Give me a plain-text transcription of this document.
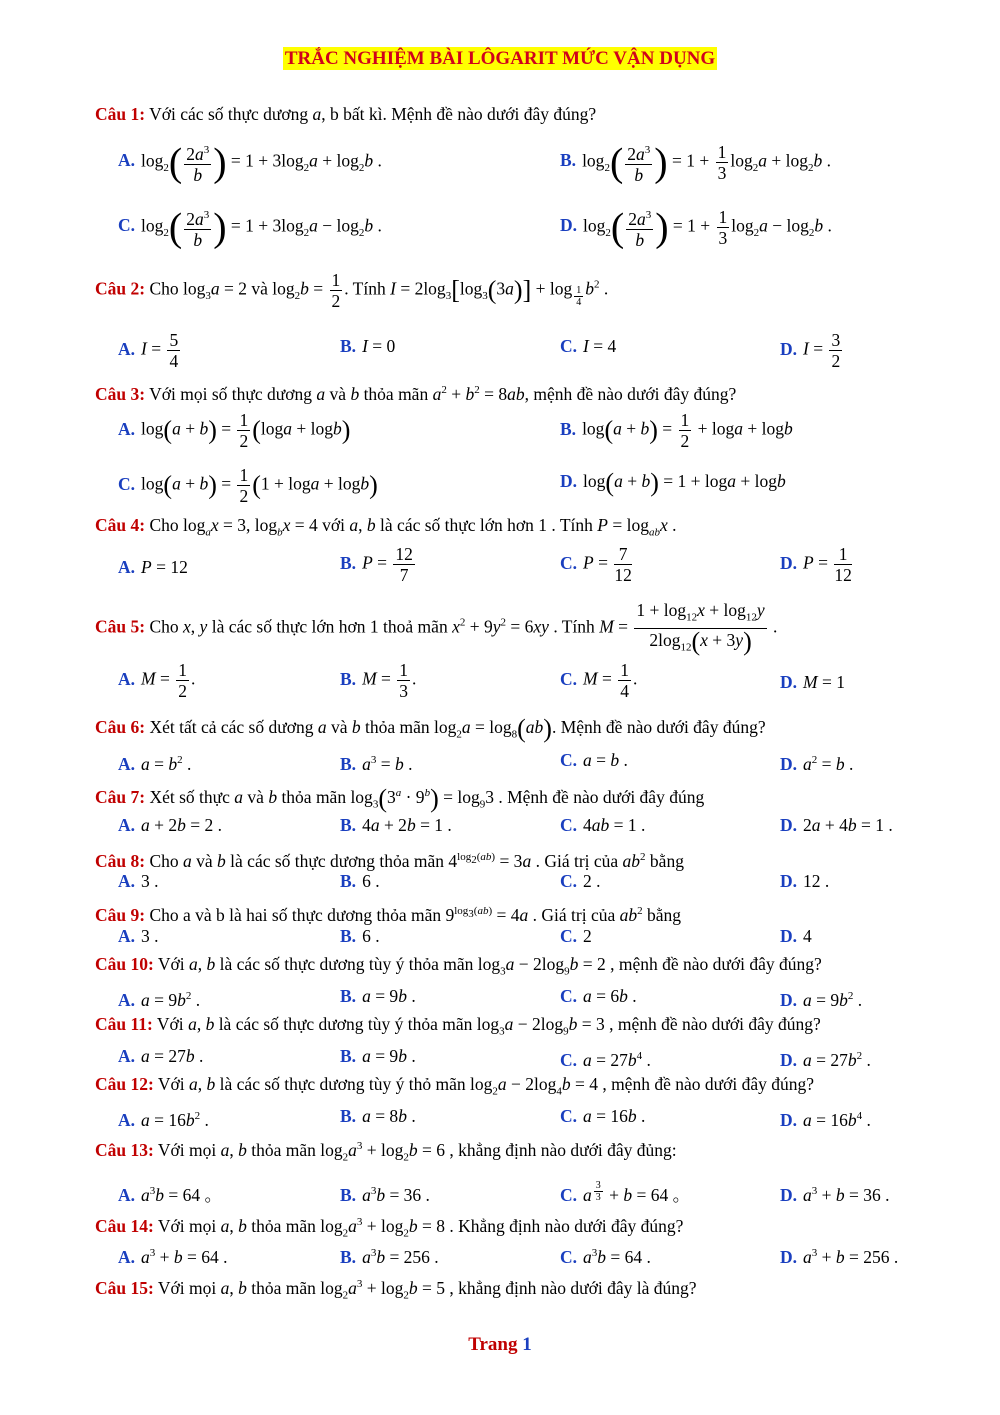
TRẮC NGHIỆM BÀI LÔGARIT MỨC VẬN DỤNG
Câu 1: Với các số thực dương a, b bất kì. Mệnh đề nào dưới đây đúng?
A. $\log_2( \frac{2a^3}{b}$ ) = $1 + 3\log_2a + \log_2b$ .	B. $\log_2( \frac{2a^3}{b}$ ) = $1 + \frac{1}{3} \log_2a + \log_2b$ .
C. $\log_2( \frac{2a^3}{b}$ ) = $1 + 3\log_2a - \log_2b$ .	D. $\log_2( \frac{2a^3}{b}$ ) = $1 + \frac{1}{3} \log_2a - \log_2b$ .
Câu 2: Cho $\log_3a = 2$ và $\log_2b = \frac{1}{2}$ . Tính $I = 2\log_3[\log_3(3a)] + \log _{\frac{1}{4}}$ $b^2$ .
A. $I = \frac{5}{4}$	B. I = 0	C. I = 4	D. $I = \frac{3}{2}$
Câu 3: Với mọi số thực dương a và b thỏa mãn $a^2 + b^2 = 8ab$, mệnh đề nào dưới đây đúng?
A. $\log(a + b) = \frac{1}{2} (\log a + \log b)$	B. $\log(a + b) = \frac{1}{2} + \log a + \log b$
C. $\log(a + b) = \frac{1}{2} (1 + \log a + \log b)$	D. log(a + b) = 1 + loga + logb
Câu 4: Cho $\log_ax = 3$, $\log_bx = 4$ với a, b là các số thực lớn hơn 1 . Tính $P = \log_{ab}x$ .
A. P = 12	B. $P = \frac{12}{7}$	C. $P = \frac{7}{12}$	D. $P = \frac{1}{12}$
Câu 5: Cho x, y là các số thực lớn hơn 1 thoả mãn $x^2 + 9y^2 = 6xy$ . Tính $M = \frac{1 + \log_{12}x + \log_{12}y}{2\log_{12}(x + 3y)}$ .
A. $M = \frac{1}{2}$ .	B. $M = \frac{1}{3}$ .	C. $M = \frac{1}{4}$ .	D. M = 1
Câu 6: Xét tất cả các số dương a và b thỏa mãn $\log_2a = \log_8(ab)$. Mệnh đề nào dưới đây đúng?
A. $a = b^2$ .	B. $a^3 = b$ .	C. a = b .	D. $a^2 = b$ .
Câu 7: Xét số thực a và b thỏa mãn $\log_3(3^a \cdot 9^b) = \log_93$ . Mệnh đề nào dưới đây đúng
A. a + 2b = 2 .	B. 4a + 2b = 1 .	C. 4ab = 1 .	D. 2a + 4b = 1 .
Câu 8: Cho a và b là các số thực dương thỏa mãn $4^{log_2(ab)} = 3a$ . Giá trị của $ab^2$ bằng
A. 3 .	B. 6 .	C. 2 .	D. 12 .
Câu 9: Cho a và b là hai số thực dương thỏa mãn $9^{log_3(ab)} = 4a$ . Giá trị của $ab^2$ bằng
A. 3 .	B. 6 .	C. 2	D. 4
Câu 10: Với a, b là các số thực dương tùy ý thỏa mãn $\log_3a - 2\log_9b = 2$ , mệnh đề nào dưới đây đúng?
A. $a = 9b^2$ .	B. a = 9b .	C. a = 6b .	D. $a = 9b^2$ .
Câu 11: Với a, b là các số thực dương tùy ý thỏa mãn $\log_3a - 2\log_9b = 3$ , mệnh đề nào dưới đây đúng?
A. a = 27b .	B. a = 9b .	C. $a = 27b^4$ .	D. $a = 27b^2$ .
Câu 12: Với a, b là các số thực dương tùy ý thỏ mãn $\log_2a - 2\log_4b = 4$ , mệnh đề nào dưới đây đúng?
A. $a = 16b^2$ .	B. a = 8b .	C. a = 16b .	D. $a = 16b^4$ .
Câu 13: Với mọi a, b thỏa mãn $\log_2a^3 + \log_2b = 6$ , khẳng định nào dưới đây đủng:
A. $a^3b = 64$ 。	B. $a^3b = 36$ .	C. a $^{\frac{3}{3}}$ + b = 64 。	D. $a^3 + b = 36$ .
Câu 14: Với mọi a, b thỏa mãn $\log_2a^3 + \log_2b = 8$ . Khẳng định nào dưới đây đúng?
A. $a^3 + b = 64$ .	B. $a^3b = 256$ .	C. $a^3b = 64$ .	D. $a^3 + b = 256$ .
Câu 15: Với mọi a, b thỏa mãn $\log_2a^3 + \log_2b = 5$ , khẳng định nào dưới đây là đúng?
Trang 1
